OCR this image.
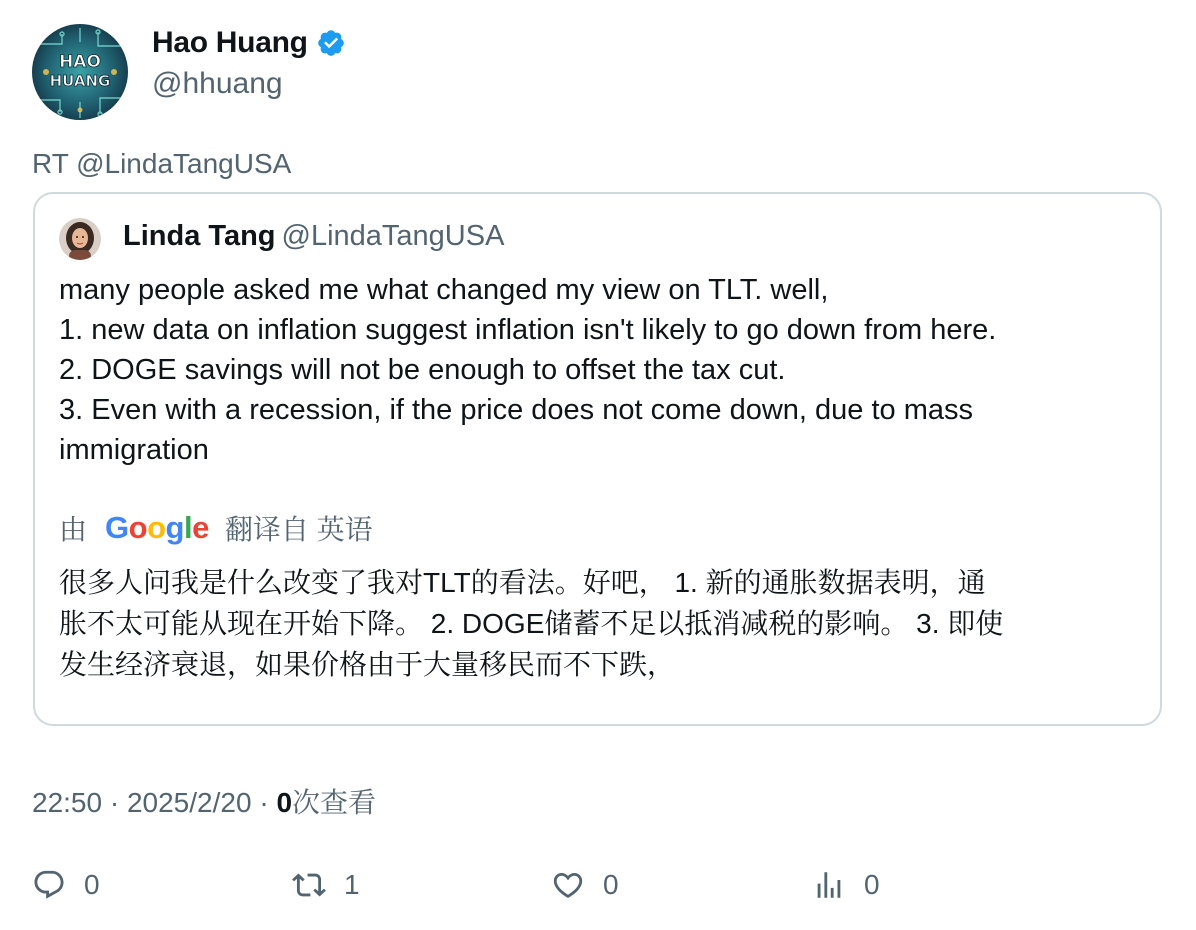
HAO
HUANG
Hao Huang
@hhuang
RT @LindaTangUSA
Linda Tang @LindaTangUSA
many people asked me what changed my view on TLT. well,
1. new data on inflation suggest inflation isn't likely to go down from here.
2. DOGE savings will not be enough to offset the tax cut.
3. Even with a recession, if the price does not come down, due to mass
immigration
由 Google 翻译自 英语
很多人问我是什么改变了我对TLT的看法。好吧， 1. 新的通胀数据表明，通
胀不太可能从现在开始下降。 2. DOGE储蓄不足以抵消减税的影响。 3. 即使
发生经济衰退，如果价格由于大量移民而不下跌，
22:50 · 2025/2/20 · 0次查看
0	1	0	0
